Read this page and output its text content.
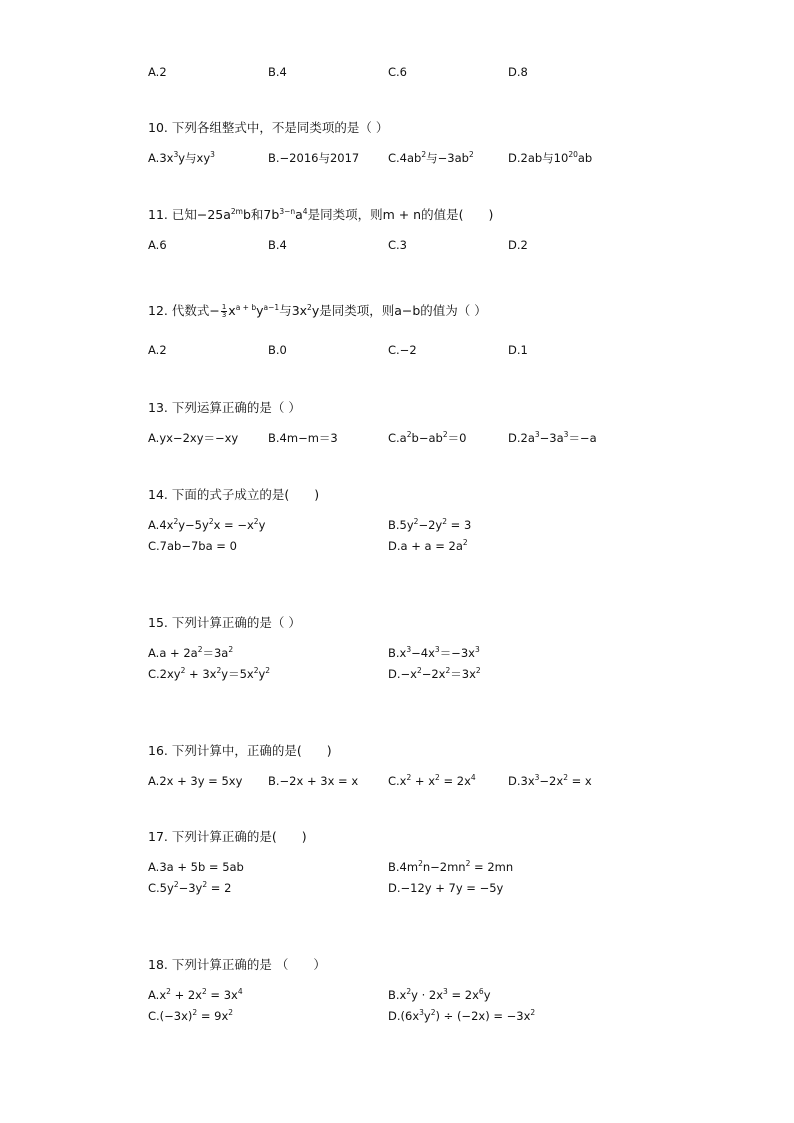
A.2	B.4	C.6	D.8
10. 下列各组整式中，不是同类项的是（ ）
$A.3x^3y$与$xy^3$	B.−2016与2017	$C.4ab^2$与$-3ab^2$	D.2ab与$10^{20}ab$
11. 已知$-25a^{2m}b$和$7b^{3-n}a^4$是同类项，则m + n的值是(　　)
A.6	B.4	C.3	D.2
12. 代数式− $\frac{1}{3} x^{a + b}y^{a-1}$与$3x^2y$是同类项，则a−b的值为（ ）
A.2	B.0	C.−2	D.1
13. 下列运算正确的是（ ）
A.yx−2xy＝−xy	B.4m−m＝3	$C.a^2b-ab^2=0$	$D.2a^3-3a^3=-a$
14. 下面的式子成立的是(　　)
$A.4x^2y-5y^2x = -x^2y$	$B.5y^2-2y^2 = 3$
C.7ab−7ba = 0	$D.a + a = 2a^2$
15. 下列计算正确的是（ ）
$A.a + 2a^2=3a^2$	$B.x^3-4x^3=-3x^3$
$C.2xy^2 + 3x^2y=5x^2y^2$	$D.-x^2-2x^2=3x^2$
16. 下列计算中，正确的是(　　)
A.2x + 3y = 5xy B.−2x + 3x = x	$C.x^2 + x^2 = 2x^4$	$D.3x^3-2x^2 = x$
17. 下列计算正确的是(　　)
A.3a + 5b = 5ab	$B.4m^2n-2mn^2 = 2mn$
$C.5y^2-3y^2 = 2$	D.−12y + 7y = −5y
18. 下列计算正确的是 （　　）
$A.x^2 + 2x^2 = 3x^4$	$B.x^2y \cdot 2x^3 = 2x^6y$
$C.(-3x)^2 = 9x^2$	$D.(6x^3y^2) \div (-2x) = -3x^2$
